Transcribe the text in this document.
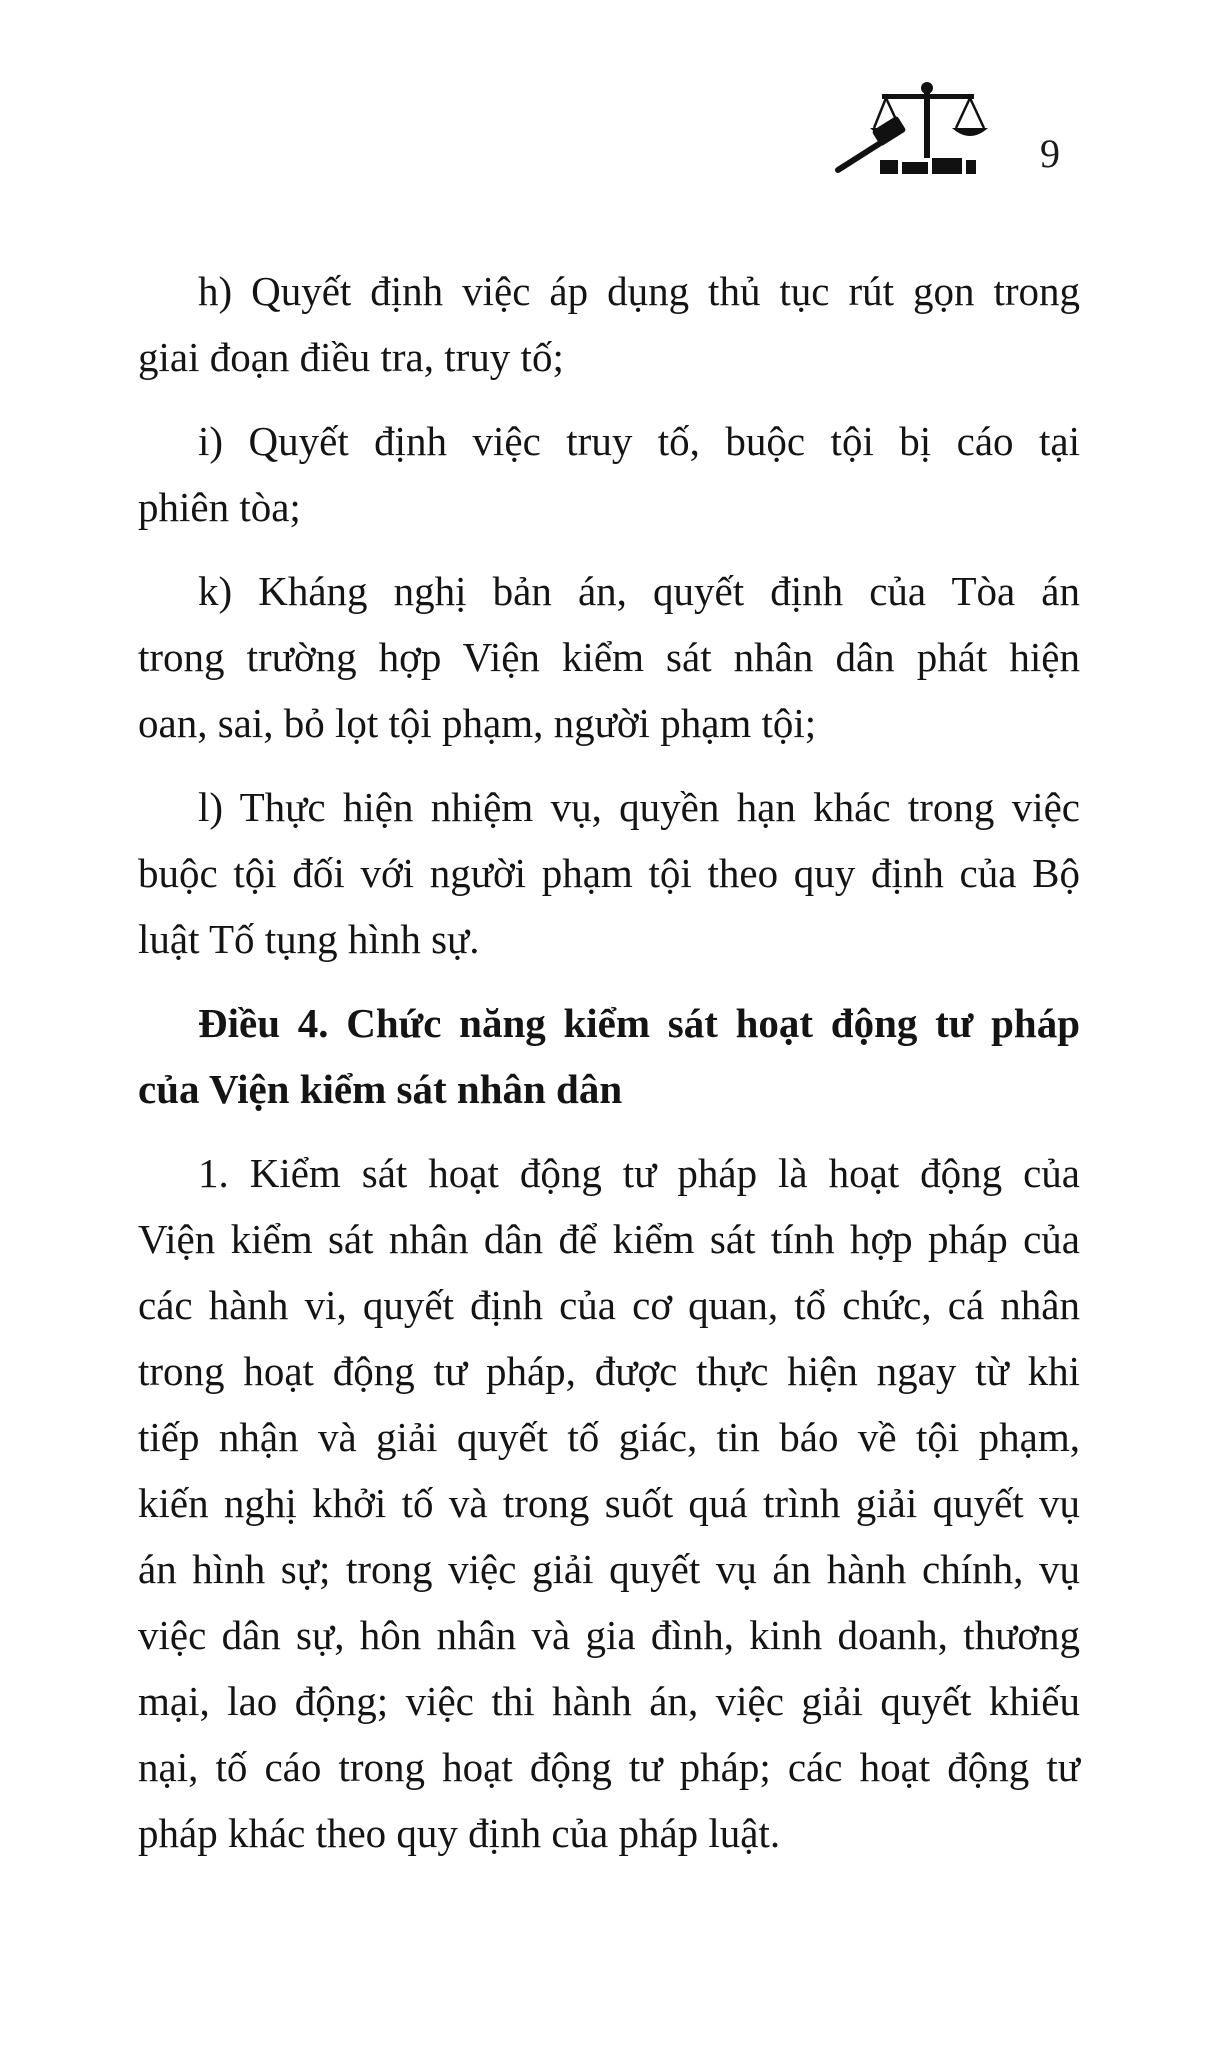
9

h) Quyết định việc áp dụng thủ tục rút gọn trong
giai đoạn điều tra, truy tố;

i) Quyết định việc truy tố, buộc tội bị cáo tại
phiên tòa;

k) Kháng nghị bản án, quyết định của Tòa án
trong trường hợp Viện kiểm sát nhân dân phát hiện
oan, sai, bỏ lọt tội phạm, người phạm tội;

l) Thực hiện nhiệm vụ, quyền hạn khác trong việc
buộc tội đối với người phạm tội theo quy định của Bộ
luật Tố tụng hình sự.

Điều 4. Chức năng kiểm sát hoạt động tư pháp
của Viện kiểm sát nhân dân

1. Kiểm sát hoạt động tư pháp là hoạt động của
Viện kiểm sát nhân dân để kiểm sát tính hợp pháp của
các hành vi, quyết định của cơ quan, tổ chức, cá nhân
trong hoạt động tư pháp, được thực hiện ngay từ khi
tiếp nhận và giải quyết tố giác, tin báo về tội phạm,
kiến nghị khởi tố và trong suốt quá trình giải quyết vụ
án hình sự; trong việc giải quyết vụ án hành chính, vụ
việc dân sự, hôn nhân và gia đình, kinh doanh, thương
mại, lao động; việc thi hành án, việc giải quyết khiếu
nại, tố cáo trong hoạt động tư pháp; các hoạt động tư
pháp khác theo quy định của pháp luật.
